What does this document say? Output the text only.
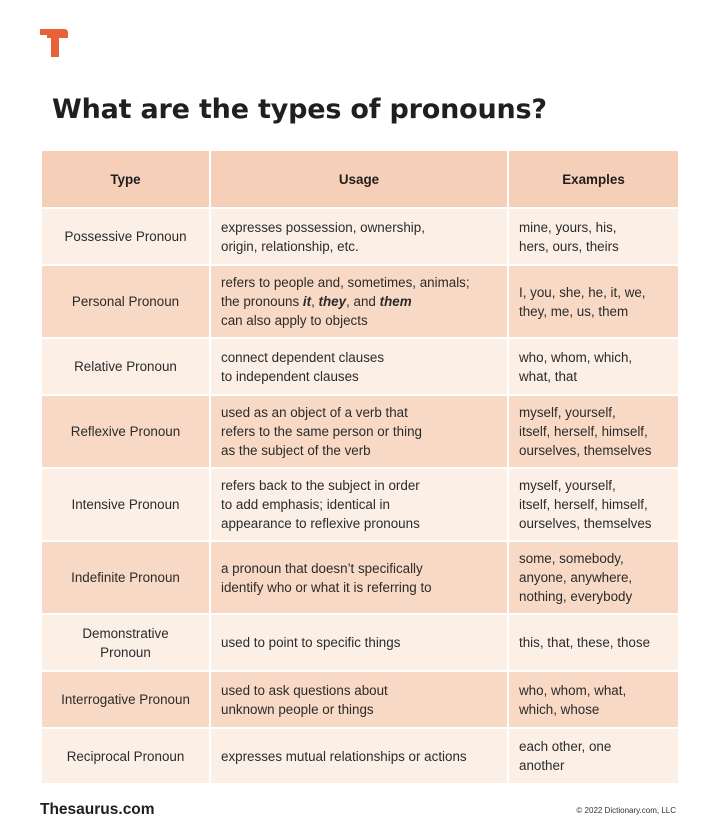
What are the types of pronouns?
Type	Usage	Examples

Possessive Pronoun	expresses possession, ownership,
origin, relationship, etc.	mine, yours, his,
hers, ours, theirs

Personal Pronoun	refers to people and, sometimes, animals;
the pronouns it, they, and them
can also apply to objects	I, you, she, he, it, we,
they, me, us, them

Relative Pronoun	connect dependent clauses
to independent clauses	who, whom, which,
what, that

Reflexive Pronoun	used as an object of a verb that
refers to the same person or thing
as the subject of the verb	myself, yourself,
itself, herself, himself,
ourselves, themselves

Intensive Pronoun	refers back to the subject in order
to add emphasis; identical in
appearance to reflexive pronouns	myself, yourself,
itself, herself, himself,
ourselves, themselves

Indefinite Pronoun	a pronoun that doesn’t specifically
identify who or what it is referring to	some, somebody,
anyone, anywhere,
nothing, everybody

Demonstrative
Pronoun	used to point to specific things	this, that, these, those

Interrogative Pronoun	used to ask questions about
unknown people or things	who, whom, what,
which, whose

Reciprocal Pronoun	expresses mutual relationships or actions	each other, one
another
Thesaurus.com	© 2022 Dictionary.com, LLC
